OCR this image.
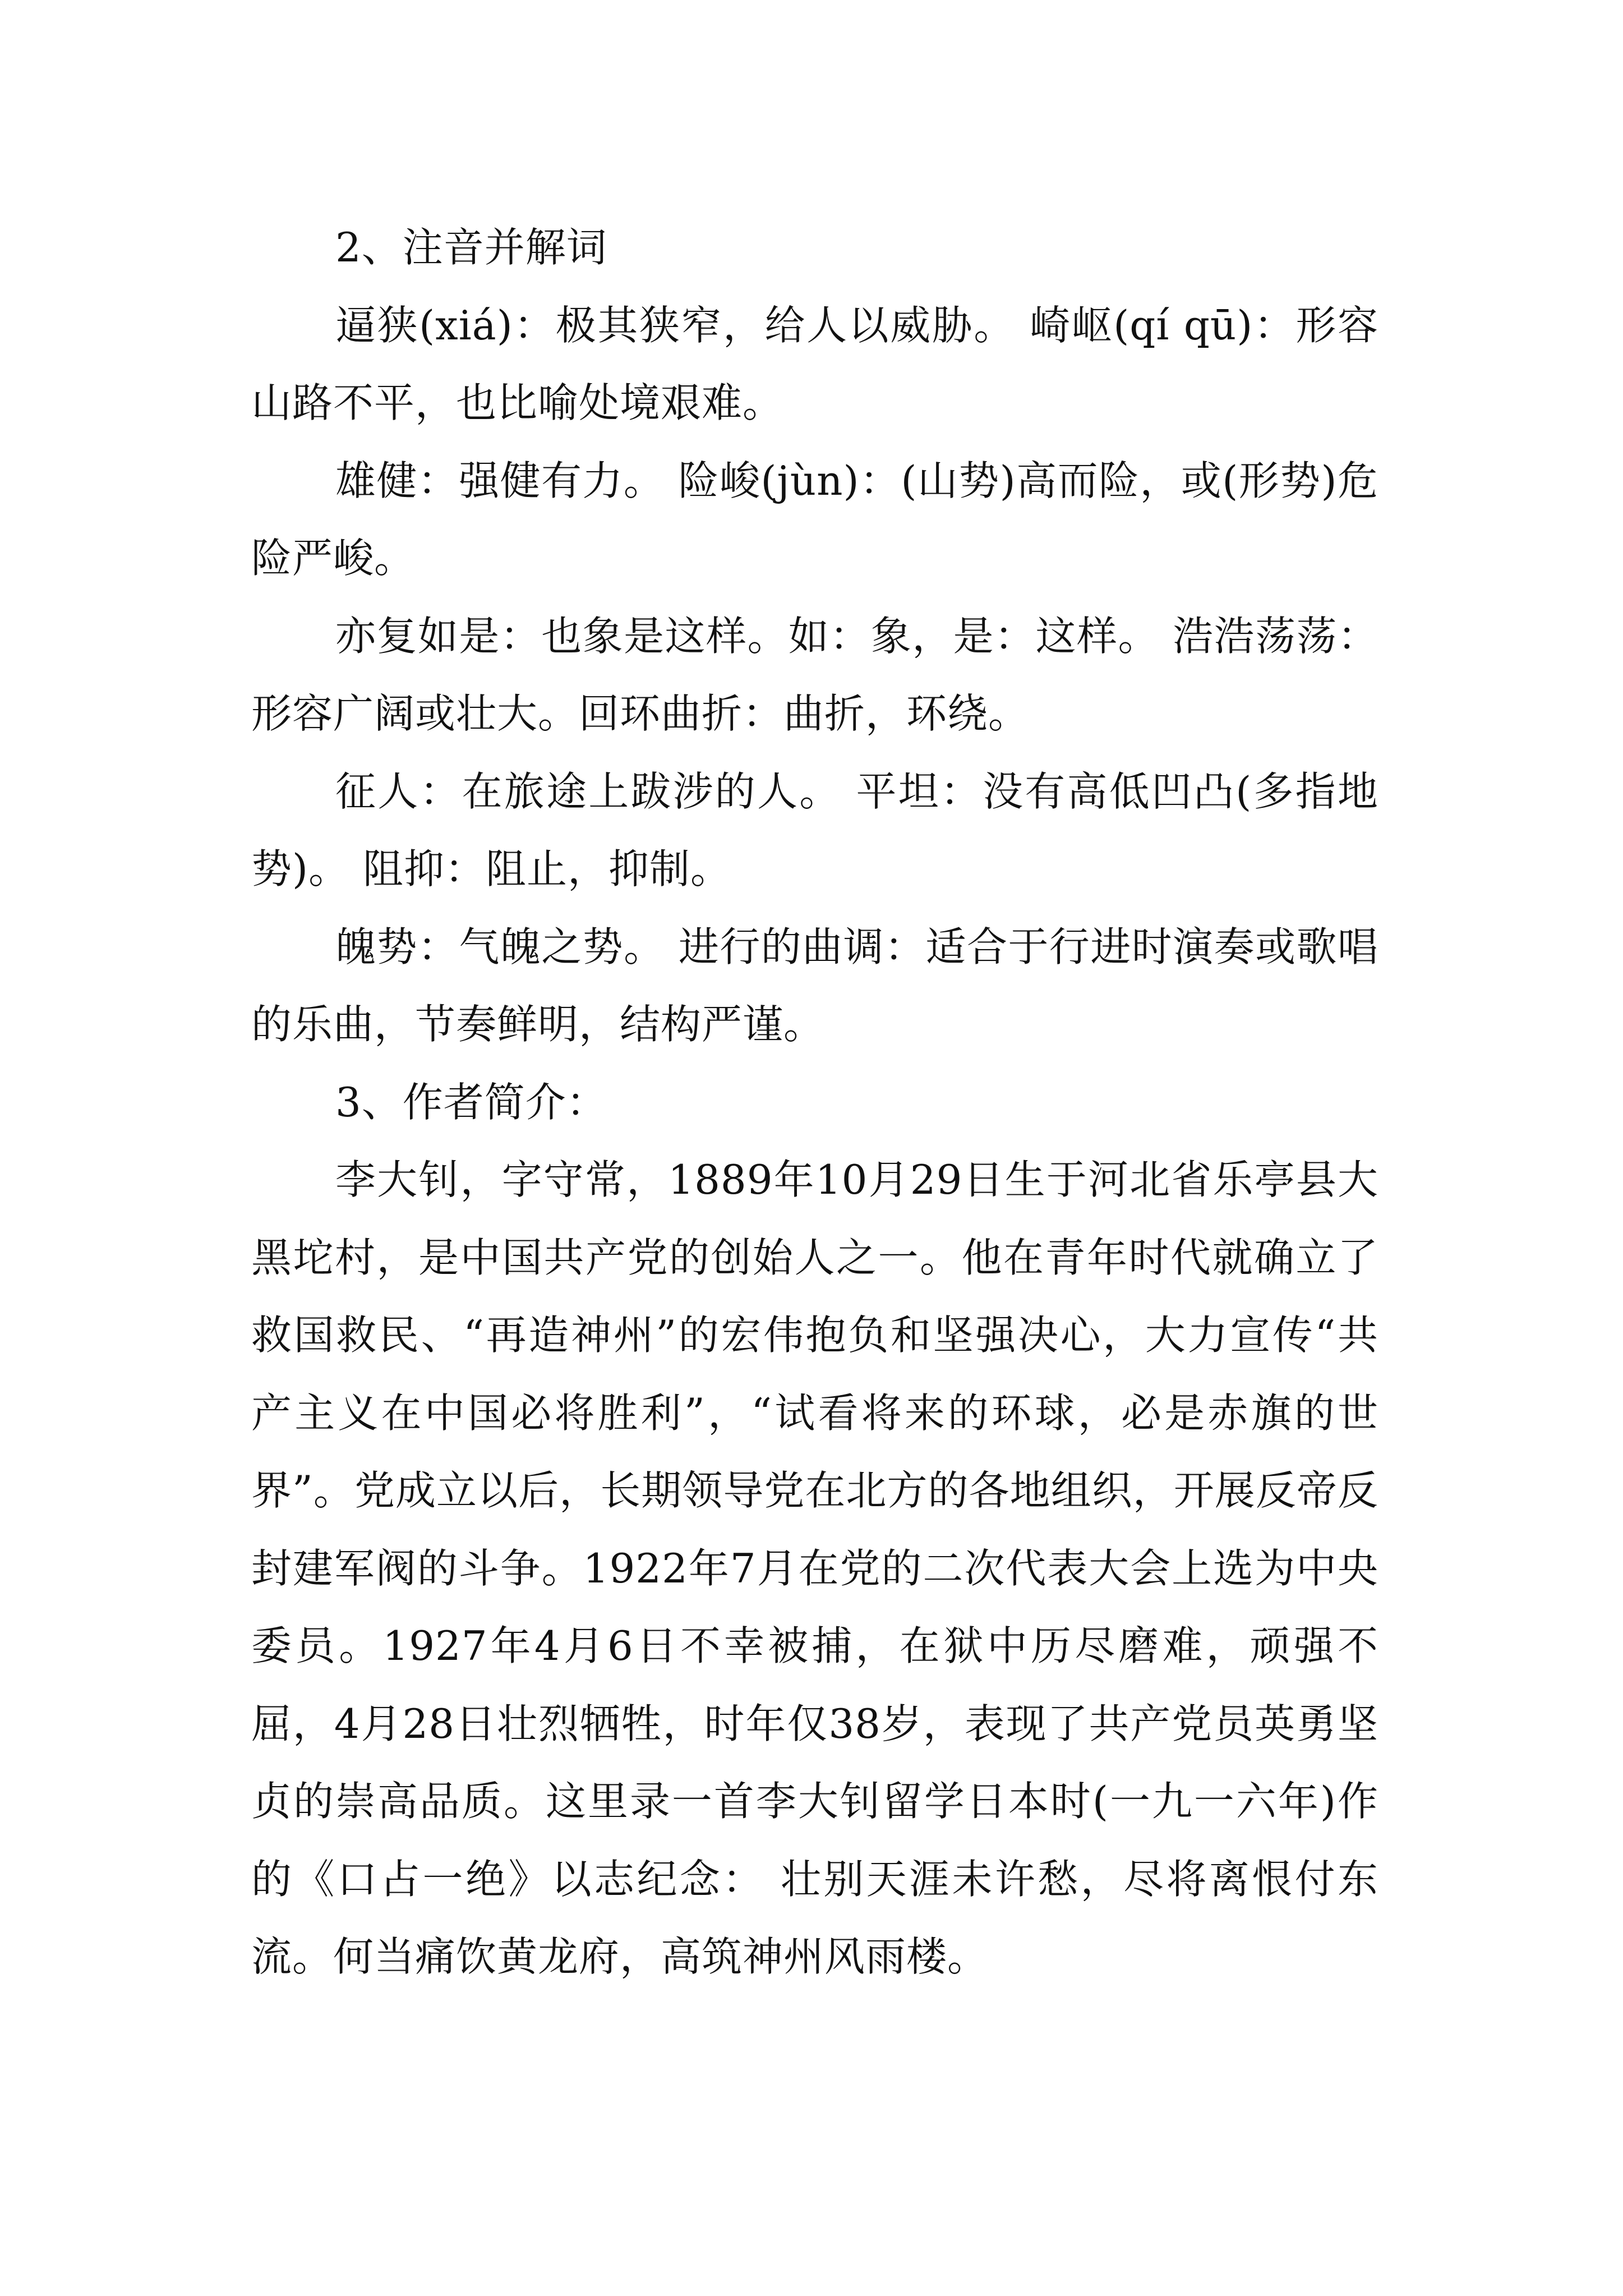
2、注音并解词

逼狭(xiá)：极其狭窄，给人以威胁。 崎岖(qí qū)：形容山路不平，也比喻处境艰难。

雄健：强健有力。 险峻(jùn)：(山势)高而险，或(形势)危险严峻。

亦复如是：也象是这样。如：象，是：这样。 浩浩荡荡：形容广阔或壮大。回环曲折：曲折，环绕。

征人：在旅途上跋涉的人。 平坦：没有高低凹凸(多指地势)。 阻抑：阻止，抑制。

魄势：气魄之势。 进行的曲调：适合于行进时演奏或歌唱的乐曲，节奏鲜明，结构严谨。

3、作者简介：

李大钊，字守常，1889年10月29日生于河北省乐亭县大黑坨村，是中国共产党的创始人之一。他在青年时代就确立了救国救民、“再造神州”的宏伟抱负和坚强决心，大力宣传“共产主义在中国必将胜利”，“试看将来的环球，必是赤旗的世界”。党成立以后，长期领导党在北方的各地组织，开展反帝反封建军阀的斗争。1922年7月在党的二次代表大会上选为中央委员。1927年4月6日不幸被捕，在狱中历尽磨难，顽强不屈，4月28日壮烈牺牲，时年仅38岁，表现了共产党员英勇坚贞的崇高品质。这里录一首李大钊留学日本时(一九一六年)作的《口占一绝》以志纪念： 壮别天涯未许愁，尽将离恨付东流。何当痛饮黄龙府，高筑神州风雨楼。
